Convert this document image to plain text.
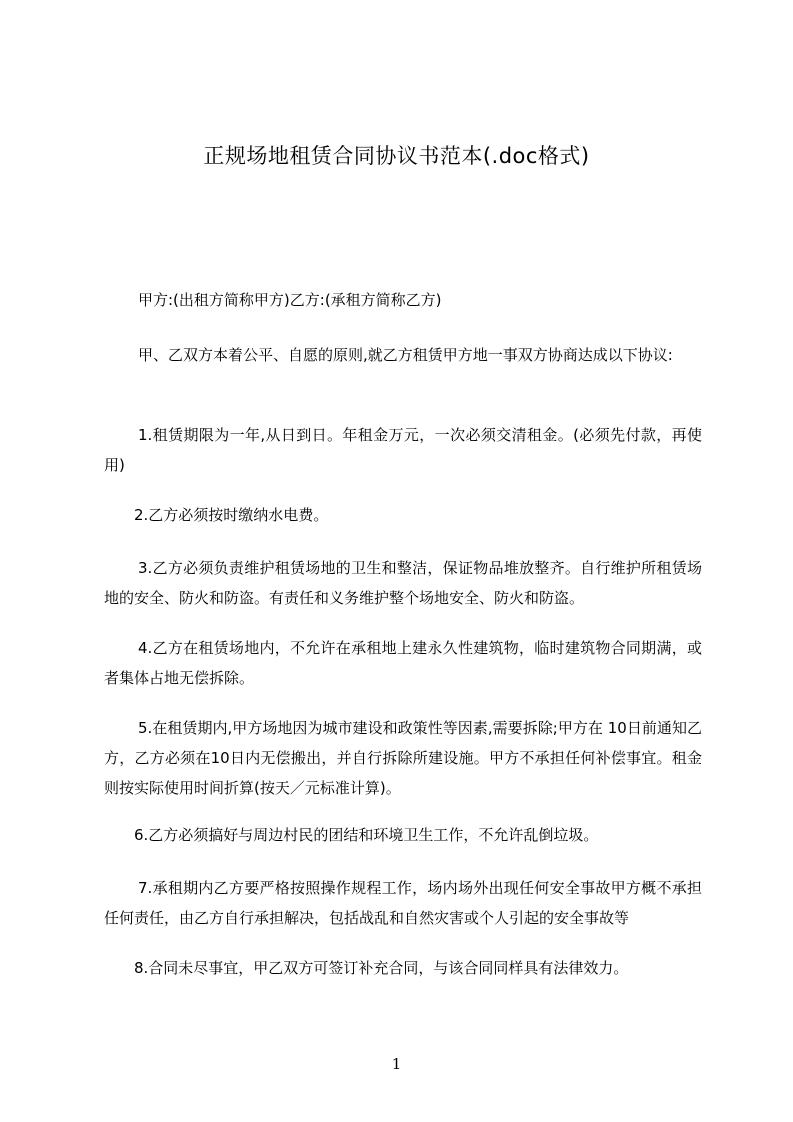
正规场地租赁合同协议书范本(.doc格式)
甲方:(出租方简称甲方)乙方:(承租方简称乙方)
甲、乙双方本着公平、自愿的原则,就乙方租赁甲方地一事双方协商达成以下协议:
1.租赁期限为一年,从日到日。年租金万元，一次必须交清租金。(必须先付款，再使用)
2.乙方必须按时缴纳水电费。
3.乙方必须负责维护租赁场地的卫生和整洁，保证物品堆放整齐。自行维护所租赁场地的安全、防火和防盗。有责任和义务维护整个场地安全、防火和防盗。
4.乙方在租赁场地内，不允许在承租地上建永久性建筑物，临时建筑物合同期满，或者集体占地无偿拆除。
5.在租赁期内,甲方场地因为城市建设和政策性等因素,需要拆除;甲方在 10日前通知乙方，乙方必须在10日内无偿搬出，并自行拆除所建设施。甲方不承担任何补偿事宜。租金则按实际使用时间折算(按天／元标准计算)。
6.乙方必须搞好与周边村民的团结和环境卫生工作，不允许乱倒垃圾。
7.承租期内乙方要严格按照操作规程工作，场内场外出现任何安全事故甲方概不承担任何责任，由乙方自行承担解决，包括战乱和自然灾害或个人引起的安全事故等
8.合同未尽事宜，甲乙双方可签订补充合同，与该合同同样具有法律效力。
1
